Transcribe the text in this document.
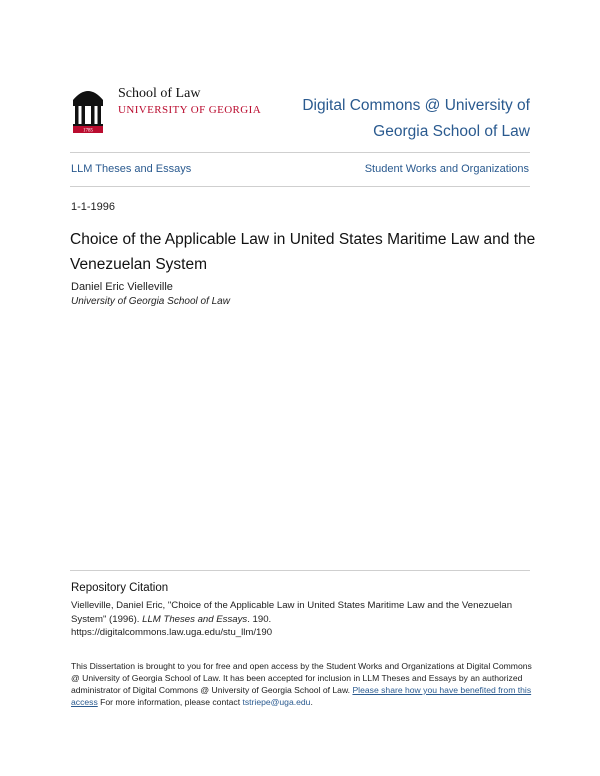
1785
School of Law
UNIVERSITY OF GEORGIA	Digital Commons @ University of Georgia School of Law
LLM Theses and Essays	Student Works and Organizations
1-1-1996
Choice of the Applicable Law in United States Maritime Law and the Venezuelan System
Daniel Eric Vielleville
University of Georgia School of Law
Repository Citation
Vielleville, Daniel Eric, "Choice of the Applicable Law in United States Maritime Law and the Venezuelan System" (1996). LLM Theses and Essays. 190.
https://digitalcommons.law.uga.edu/stu_llm/190
This Dissertation is brought to you for free and open access by the Student Works and Organizations at Digital Commons @ University of Georgia School of Law. It has been accepted for inclusion in LLM Theses and Essays by an authorized administrator of Digital Commons @ University of Georgia School of Law. Please share how you have benefited from this access For more information, please contact tstriepe@uga.edu.
